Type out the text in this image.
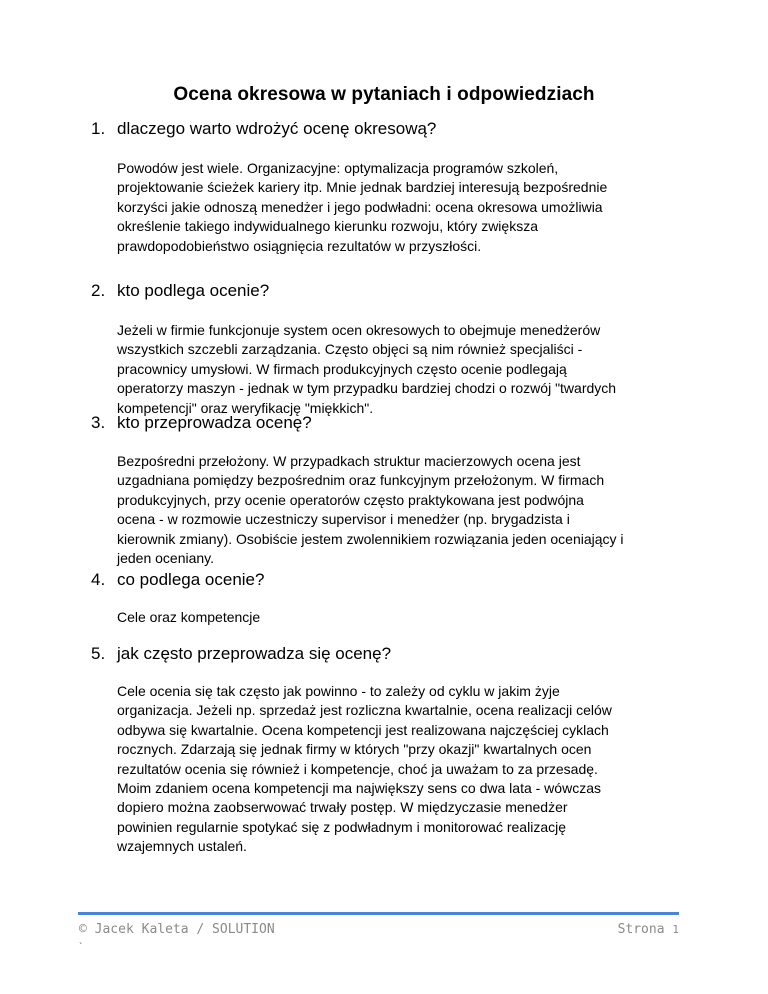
Ocena okresowa w pytaniach i odpowiedziach
1. dlaczego warto wdrożyć ocenę okresową?
Powodów jest wiele. Organizacyjne: optymalizacja programów szkoleń,
projektowanie ścieżek kariery itp. Mnie jednak bardziej interesują bezpośrednie
korzyści jakie odnoszą menedżer i jego podwładni: ocena okresowa umożliwia
określenie takiego indywidualnego kierunku rozwoju, który zwiększa
prawdopodobieństwo osiągnięcia rezultatów w przyszłości.
2. kto podlega ocenie?
Jeżeli w firmie funkcjonuje system ocen okresowych to obejmuje menedżerów
wszystkich szczebli zarządzania. Często objęci są nim również specjaliści -
pracownicy umysłowi. W firmach produkcyjnych często ocenie podlegają
operatorzy maszyn - jednak w tym przypadku bardziej chodzi o rozwój "twardych
kompetencji" oraz weryfikację "miękkich".
3. kto przeprowadza ocenę?
Bezpośredni przełożony. W przypadkach struktur macierzowych ocena jest
uzgadniana pomiędzy bezpośrednim oraz funkcyjnym przełożonym. W firmach
produkcyjnych, przy ocenie operatorów często praktykowana jest podwójna
ocena - w rozmowie uczestniczy supervisor i menedżer (np. brygadzista i
kierownik zmiany). Osobiście jestem zwolennikiem rozwiązania jeden oceniający i
jeden oceniany.
4. co podlega ocenie?
Cele oraz kompetencje
5. jak często przeprowadza się ocenę?
Cele ocenia się tak często jak powinno - to zależy od cyklu w jakim żyje
organizacja. Jeżeli np. sprzedaż jest rozliczna kwartalnie, ocena realizacji celów
odbywa się kwartalnie. Ocena kompetencji jest realizowana najczęściej cyklach
rocznych. Zdarzają się jednak firmy w których "przy okazji" kwartalnych ocen
rezultatów ocenia się również i kompetencje, choć ja uważam to za przesadę.
Moim zdaniem ocena kompetencji ma największy sens co dwa lata - wówczas
dopiero można zaobserwować trwały postęp. W międzyczasie menedżer
powinien regularnie spotykać się z podwładnym i monitorować realizację
wzajemnych ustaleń.
© Jacek Kaleta / SOLUTION	Strona 1
`
